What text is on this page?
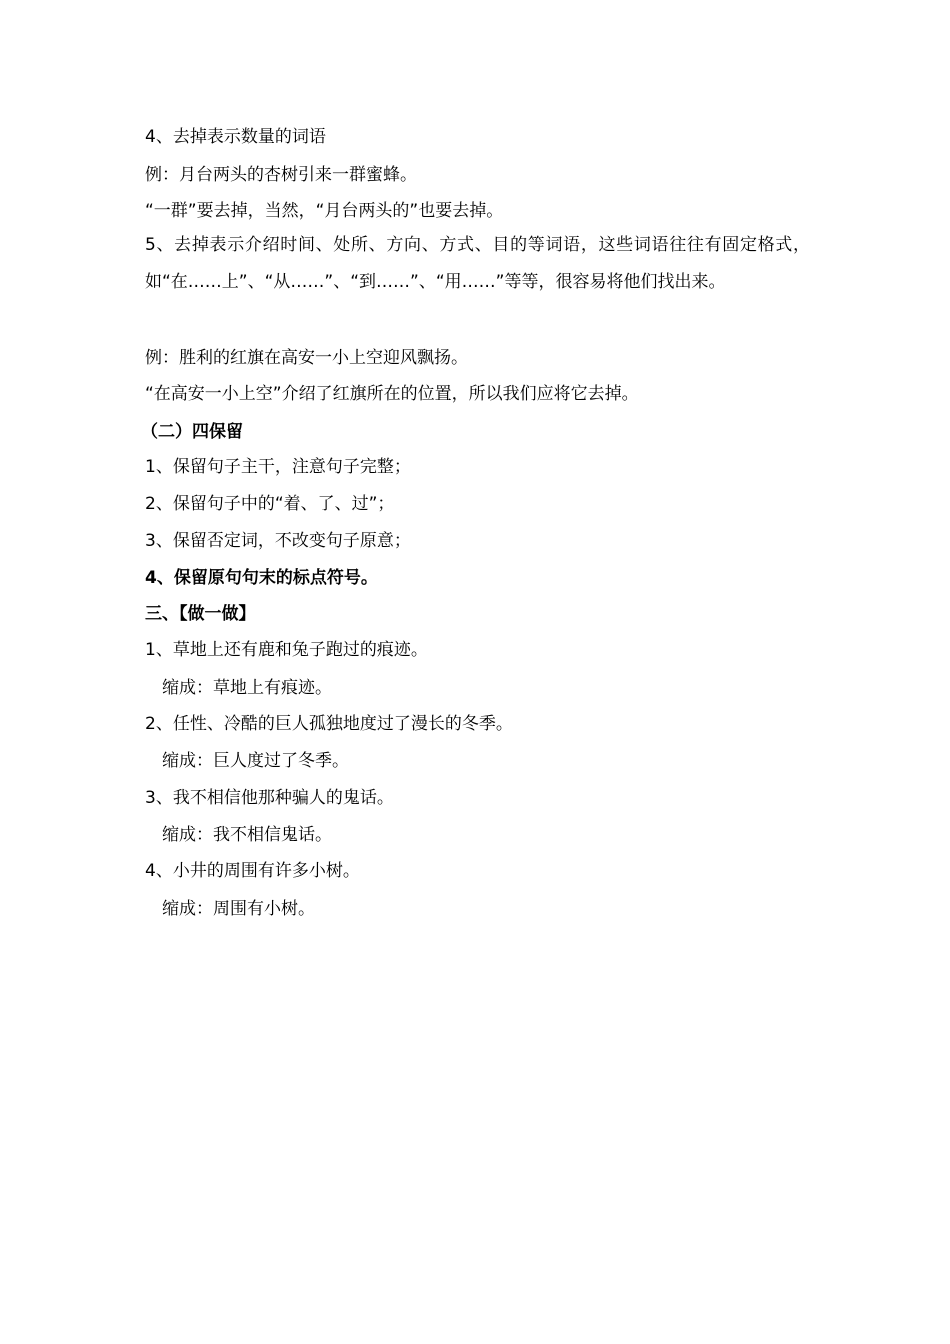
4、去掉表示数量的词语
例：月台两头的杏树引来一群蜜蜂。
“一群”要去掉，当然，“月台两头的”也要去掉。
5、去掉表示介绍时间、处所、方向、方式、目的等词语，这些词语往往有固定格式，如“在……上”、“从……”、“到……”、“用……”等等，很容易将他们找出来。
例：胜利的红旗在高安一小上空迎风飘扬。
“在高安一小上空”介绍了红旗所在的位置，所以我们应将它去掉。
（二）四保留
1、保留句子主干，注意句子完整；
2、保留句子中的“着、了、过”；
3、保留否定词，不改变句子原意；
4、保留原句句末的标点符号。
三、【做一做】
1、草地上还有鹿和兔子跑过的痕迹。
缩成：草地上有痕迹。
2、任性、冷酷的巨人孤独地度过了漫长的冬季。
缩成：巨人度过了冬季。
3、我不相信他那种骗人的鬼话。
缩成：我不相信鬼话。
4、小井的周围有许多小树。
缩成：周围有小树。
